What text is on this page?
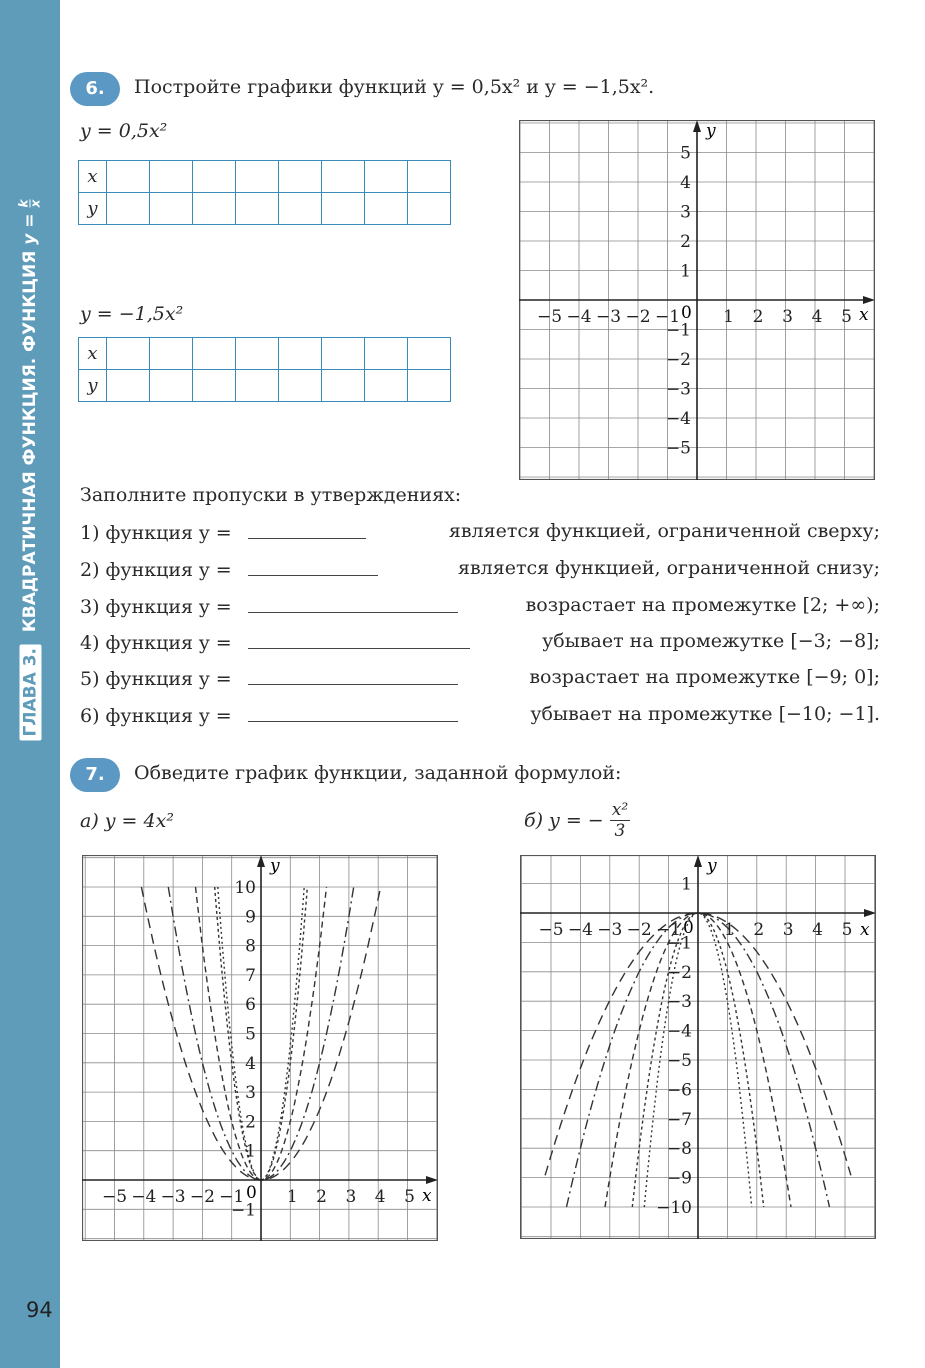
ГЛАВА 3. КВАДРАТИЧНАЯ ФУНКЦИЯ. ФУНКЦИЯ y =
k
x
94
6.	Постройте графики функций y = 0,5x² и y = −1,5x².
y = 0,5x²
x								
y								
y = −1,5x²
x								
y								
y
x
0
−5 −4 −3 −2 −1	1 2 3 4 5
5
4
3
2
1
−1
−2
−3
−4
−5
Заполните пропуски в утверждениях:
1) функция y =	является функцией, ограниченной сверху;
2) функция y =	является функцией, ограниченной снизу;
3) функция y =	возрастает на промежутке [2; +∞);
4) функция y =	убывает на промежутке [−3; −8];
5) функция y =	возрастает на промежутке [−9; 0];
6) функция y =	убывает на промежутке [−10; −1].
7.	Обведите график функции, заданной формулой:
а) y = 4x²	б) y = − $\frac{\text{x²}}{3}$
y
x
0
−5 −4 −3 −2 −1	1 2 3 4 5
10
9
8
7
6
5
4
3
2
1
−1
y
x
0
−5 −4 −3 −2 −1	1 2 3 4 5
1
−1
−2
−3
−4
−5
−6
−7
−8
−9
−10
